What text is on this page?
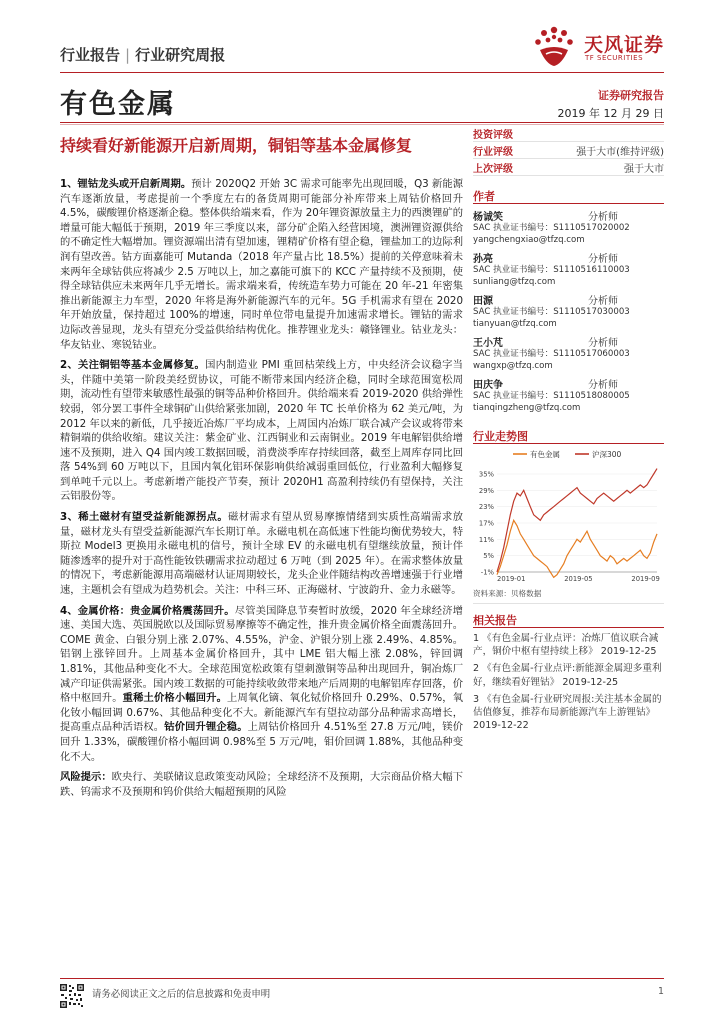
行业报告 | 行业研究周报	天风证券
TF SECURITIES
有色金属	证券研究报告
2019 年 12 月 29 日
持续看好新能源开启新周期，铜铝等基本金属修复

1、锂钴龙头或开启新周期。预计 2020Q2 开始 3C 需求可能率先出现回暖，Q3 新能源汽车逐渐放量，考虑提前一个季度左右的备货周期可能部分补库带来上周钴价格回升 4.5%，碳酸锂价格逐渐企稳。整体供给端来看，作为 20年锂资源放量主力的西澳锂矿的增量可能大幅低于预期，2019 年三季度以来，部分矿企陷入经营困境，澳洲锂资源供给的不确定性大幅增加。锂资源端出清有望加速，锂精矿价格有望企稳，锂盐加工的边际利润有望改善。钴方面嘉能可 Mutanda（2018 年产量占比 18.5%）提前的关停意味着未来两年全球钴供应将减少 2.5 万吨以上，加之嘉能可旗下的 KCC 产量持续不及预期，使得全球钴供应未来两年几乎无增长。需求端来看，传统造车势力可能在 20 年-21 年密集推出新能源主力车型，2020 年将是海外新能源汽车的元年。5G 手机需求有望在 2020 年开始放量，保持超过 100%的增速，同时单位带电量提升加速需求增长。锂钴的需求边际改善显现，龙头有望充分受益供给结构优化。推荐锂业龙头：赣锋锂业。钴业龙头：华友钴业、寒锐钴业。

2、关注铜铝等基本金属修复。国内制造业 PMI 重回枯荣线上方，中央经济会议稳字当头，伴随中美第一阶段美经贸协议，可能不断带来国内经济企稳，同时全球范围宽松周期，流动性有望带来敏感性最强的铜等品种价格回升。供给端来看 2019-2020 供给弹性较弱，邻分罢工事件全球铜矿山供给紧张加剧，2020 年 TC 长单价格为 62 美元/吨，为 2012 年以来的新低，几乎接近冶炼厂平均成本，上周国内冶炼厂联合减产会议或将带来精铜端的供给收缩。建议关注：紫金矿业、江西铜业和云南铜业。2019 年电解铝供给增速不及预期，进入 Q4 国内竣工数据回暖，消费淡季库存持续回落，截至上周库存同比回落 54%到 60 万吨以下，且国内氧化铝环保影响供给减弱重回低位，行业盈利大幅修复到单吨千元以上。考虑新增产能投产节奏，预计 2020H1 高盈利持续仍有望保持，关注云铝股份等。

3、稀土磁材有望受益新能源拐点。磁材需求有望从贸易摩擦情绪到实质性高端需求放量，磁材龙头有望受益新能源汽车长期订单。永磁电机在高低速下性能均衡优势较大，特斯拉 Model3 更换用永磁电机的信号，预计全球 EV 的永磁电机有望继续放量，预计伴随渗透率的提升对于高性能钕铁硼需求拉动超过 6 万吨（到 2025 年）。在需求整体放量的情况下，考虑新能源用高端磁材认证周期较长，龙头企业伴随结构改善增速强于行业增速，主题机会有望成为趋势机会。关注：中科三环、正海磁材、宁波韵升、金力永磁等。

4、金属价格：贵金属价格震荡回升。尽管美国降息节奏暂时放缓，2020 年全球经济增速、美国大选、英国脱欧以及国际贸易摩擦等不确定性，推升贵金属价格全面震荡回升。COME 黄金、白银分别上涨 2.07%、4.55%，沪金、沪银分别上涨 2.49%、4.85%。铝钢上涨锌回升。上周基本金属价格回升，其中 LME 铝大幅上涨 2.08%，锌回调 1.81%，其他品种变化不大。全球范围宽松政策有望刺激铜等品种出现回升，铜冶炼厂减产印证供需紧张。国内竣工数据的可能持续收敛带来地产后周期的电解铝库存回落，价格中枢回升。重稀土价格小幅回升。上周氧化镝、氧化铽价格回升 0.29%、0.57%，氧化钕小幅回调 0.67%、其他品种变化不大。新能源汽车有望拉动部分品种需求高增长，提高重点品种活语权。钴价回升锂企稳。上周钴价格回升 4.51%至 27.8 万元/吨，镁价回升 1.33%，碳酸锂价格小幅回调 0.98%至 5 万元/吨，钼价回调 1.88%，其他品种变化不大。

风险提示：欧央行、美联储议息政策变动风险；全球经济不及预期，大宗商品价格大幅下跌、钨需求不及预期和钨价供给大幅超预期的风险

投资评级
行业评级	强于大市(维持评级)
上次评级	强于大市
作者
杨诚笑	分析师
SAC 执业证书编号：S1110517020002
yangchengxiao@tfzq.com
孙亮	分析师
SAC 执业证书编号：S1110516110003
sunliang@tfzq.com
田源	分析师
SAC 执业证书编号：S1110517030003
tianyuan@tfzq.com
王小芃	分析师
SAC 执业证书编号：S1110517060003
wangxp@tfzq.com
田庆争	分析师
SAC 执业证书编号：S1110518080005
tianqingzheng@tfzq.com
行业走势图
有色金属	沪深300
35%
29%
23%
17%
11%
5%
-1%
2019-01	2019-05	2019-09
资料来源：贝格数据
相关报告
1 《有色金属-行业点评：冶炼厂值议联合减产，铜价中枢有望持续上移》 2019-12-25
2 《有色金属-行业点评:新能源金属迎多重利好，继续看好锂钴》 2019-12-25
3 《有色金属-行业研究周报:关注基本金属的估值修复，推荐布局新能源汽车上游锂钴》 2019-12-22
请务必阅读正文之后的信息披露和免责申明	1
